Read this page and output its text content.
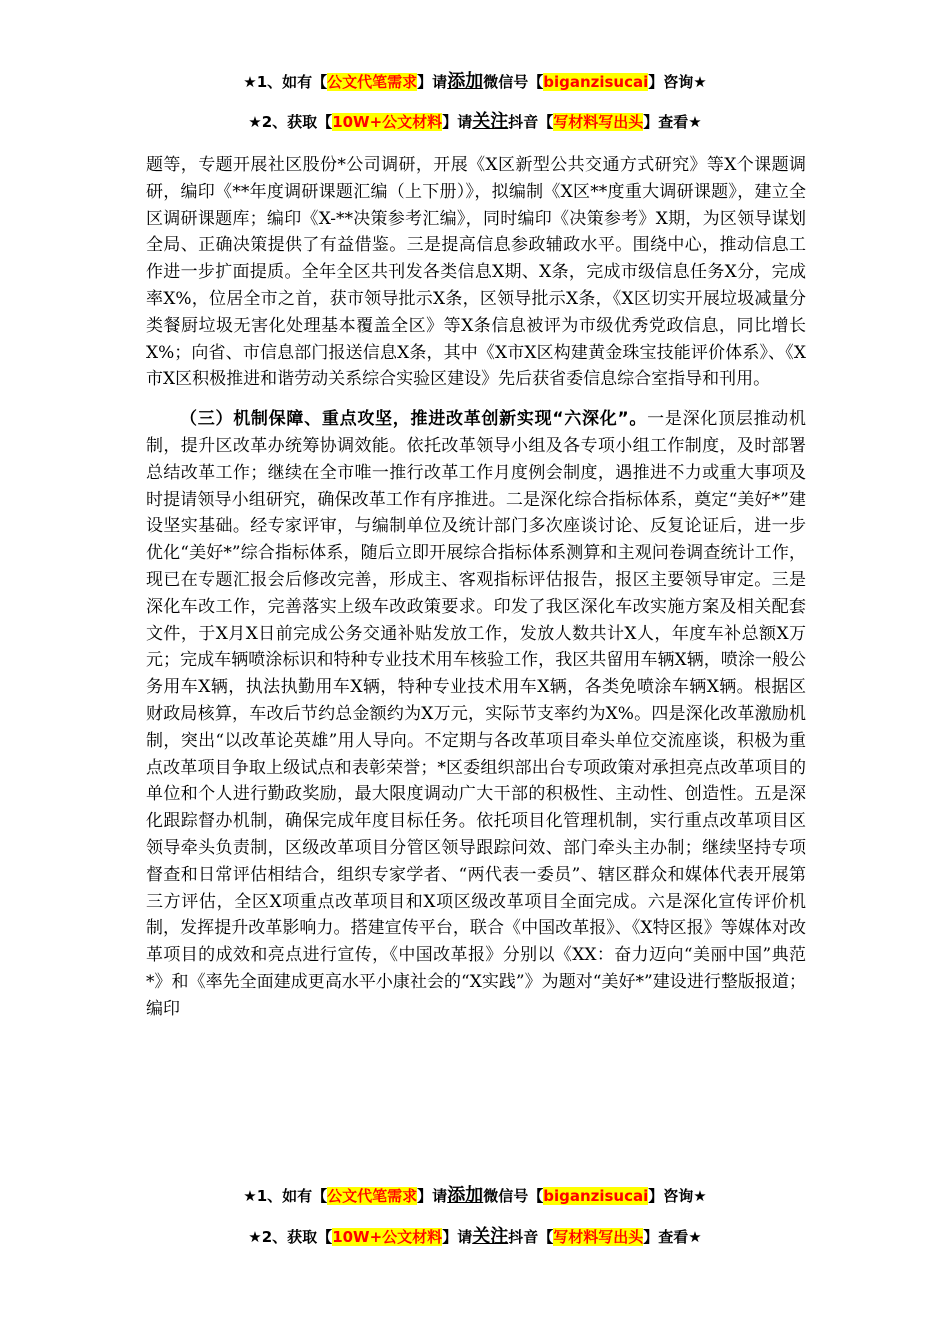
★1、如有【公文代笔需求】请添加微信号【biganzisucai】咨询★
★2、获取【10W+公文材料】请关注抖音【写材料写出头】查看★

题等，专题开展社区股份*公司调研，开展《X区新型公共交通方式研究》等X个课题调研，编印《**年度调研课题汇编（上下册）》，拟编制《X区**度重大调研课题》，建立全区调研课题库；编印《X-**决策参考汇编》，同时编印《决策参考》X期，为区领导谋划全局、正确决策提供了有益借鉴。三是提高信息参政辅政水平。围绕中心，推动信息工作进一步扩面提质。全年全区共刊发各类信息X期、X条，完成市级信息任务X分，完成率X%，位居全市之首，获市领导批示X条，区领导批示X条，《X区切实开展垃圾减量分类餐厨垃圾无害化处理基本覆盖全区》等X条信息被评为市级优秀党政信息，同比增长X%；向省、市信息部门报送信息X条，其中《X市X区构建黄金珠宝技能评价体系》、《X市X区积极推进和谐劳动关系综合实验区建设》先后获省委信息综合室指导和刊用。

（三）机制保障、重点攻坚，推进改革创新实现“六深化”。一是深化顶层推动机制，提升区改革办统筹协调效能。依托改革领导小组及各专项小组工作制度，及时部署总结改革工作；继续在全市唯一推行改革工作月度例会制度，遇推进不力或重大事项及时提请领导小组研究，确保改革工作有序推进。二是深化综合指标体系，奠定“美好*”建设坚实基础。经专家评审，与编制单位及统计部门多次座谈讨论、反复论证后，进一步优化“美好*”综合指标体系，随后立即开展综合指标体系测算和主观问卷调查统计工作，现已在专题汇报会后修改完善，形成主、客观指标评估报告，报区主要领导审定。三是深化车改工作，完善落实上级车改政策要求。印发了我区深化车改实施方案及相关配套文件，于X月X日前完成公务交通补贴发放工作，发放人数共计X人，年度车补总额X万元；完成车辆喷涂标识和特种专业技术用车核验工作，我区共留用车辆X辆，喷涂一般公务用车X辆，执法执勤用车X辆，特种专业技术用车X辆，各类免喷涂车辆X辆。根据区财政局核算，车改后节约总金额约为X万元，实际节支率约为X%。四是深化改革激励机制，突出“以改革论英雄”用人导向。不定期与各改革项目牵头单位交流座谈，积极为重点改革项目争取上级试点和表彰荣誉；*区委组织部出台专项政策对承担亮点改革项目的单位和个人进行勤政奖励，最大限度调动广大干部的积极性、主动性、创造性。五是深化跟踪督办机制，确保完成年度目标任务。依托项目化管理机制，实行重点改革项目区领导牵头负责制，区级改革项目分管区领导跟踪问效、部门牵头主办制；继续坚持专项督查和日常评估相结合，组织专家学者、“两代表一委员”、辖区群众和媒体代表开展第三方评估，全区X项重点改革项目和X项区级改革项目全面完成。六是深化宣传评价机制，发挥提升改革影响力。搭建宣传平台，联合《中国改革报》、《X特区报》等媒体对改革项目的成效和亮点进行宣传，《中国改革报》分别以《XX：奋力迈向“美丽中国”典范*》和《率先全面建成更高水平小康社会的“X实践”》为题对“美好*”建设进行整版报道；编印

★1、如有【公文代笔需求】请添加微信号【biganzisucai】咨询★
★2、获取【10W+公文材料】请关注抖音【写材料写出头】查看★
